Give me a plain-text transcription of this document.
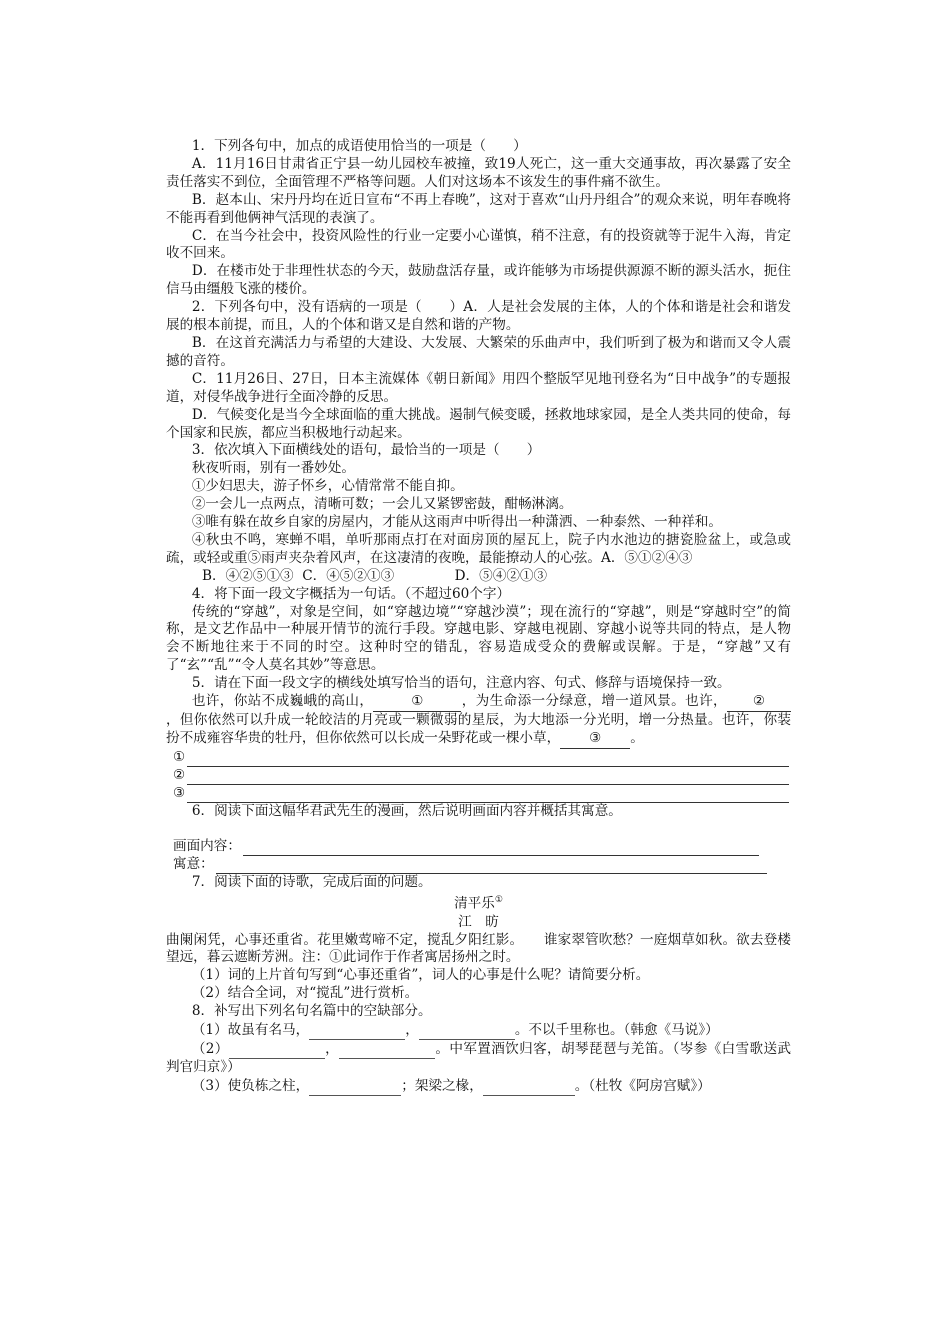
1．下列各句中，加点的成语使用恰当的一项是（　　）

A．11月16日甘肃省正宁县一幼儿园校车被撞，致19人死亡，这一重大交通事故，再次暴露了安全责任落实不到位，全面管理不严格等问题。人们对这场本不该发生的事件痛不欲生。

B．赵本山、宋丹丹均在近日宣布“不再上春晚”，这对于喜欢“山丹丹组合”的观众来说，明年春晚将不能再看到他俩神气活现的表演了。

C．在当今社会中，投资风险性的行业一定要小心谨慎，稍不注意，有的投资就等于泥牛入海，肯定收不回来。

D．在楼市处于非理性状态的今天，鼓励盘活存量，或许能够为市场提供源源不断的源头活水，扼住信马由缰般飞涨的楼价。

2．下列各句中，没有语病的一项是（　　）A．人是社会发展的主体，人的个体和谐是社会和谐发展的根本前提，而且，人的个体和谐又是自然和谐的产物。

B．在这首充满活力与希望的大建设、大发展、大繁荣的乐曲声中，我们听到了极为和谐而又令人震撼的音符。

C．11月26日、27日，日本主流媒体《朝日新闻》用四个整版罕见地刊登名为“日中战争”的专题报道，对侵华战争进行全面冷静的反思。

D．气候变化是当今全球面临的重大挑战。遏制气候变暖，拯救地球家园，是全人类共同的使命，每个国家和民族，都应当积极地行动起来。

3．依次填入下面横线处的语句，最恰当的一项是（　　）

秋夜听雨，别有一番妙处。

①少妇思夫，游子怀乡，心情常常不能自抑。

②一会儿一点两点，清晰可数；一会儿又紧锣密鼓，酣畅淋漓。

③唯有躲在故乡自家的房屋内，才能从这雨声中听得出一种潇洒、一种泰然、一种祥和。

④秋虫不鸣，寒蝉不唱，单听那雨点打在对面房顶的屋瓦上，院子内水池边的搪瓷脸盆上，或急或疏，或轻或重⑤雨声夹杂着风声，在这凄清的夜晚，最能撩动人的心弦。A．⑤①②④③

B．④②⑤①③  C．④⑤②①③              D．⑤④②①③

4．将下面一段文字概括为一句话。（不超过60个字）

传统的“穿越”，对象是空间，如“穿越边境”“穿越沙漠”；现在流行的“穿越”，则是“穿越时空”的简称，是文艺作品中一种展开情节的流行手段。穿越电影、穿越电视剧、穿越小说等共同的特点，是人物会不断地往来于不同的时空。这种时空的错乱，容易造成受众的费解或误解。于是，“穿越”又有了“玄”“乱”“令人莫名其妙”等意思。

5．请在下面一段文字的横线处填写恰当的语句，注意内容、句式、修辞与语境保持一致。

也许，你站不成巍峨的高山，	①	，为生命添一分绿意，增一道风景。也许， ②，但你依然可以升成一轮皎洁的月亮或一颗微弱的星辰，为大地添一分光明，增一分热量。也许，你装扮不成雍容华贵的牡丹，但你依然可以长成一朵野花或一棵小草， ③ 。

①
②
③

6．阅读下面这幅华君武先生的漫画，然后说明画面内容并概括其寓意。

画面内容：
寓意：

7．阅读下面的诗歌，完成后面的问题。

清平乐①

江　昉

曲阑闲凭，心事还重省。花里嫩莺啼不定，搅乱夕阳红影。　　谁家翠管吹愁？一庭烟草如秋。欲去登楼望远，暮云遮断芳洲。注：①此词作于作者寓居扬州之时。

（1）词的上片首句写到“心事还重省”，词人的心事是什么呢？请简要分析。

（2）结合全词，对“搅乱”进行赏析。

8．补写出下列名句名篇中的空缺部分。

（1）故虽有名马，	，	。不以千里称也。（韩愈《马说》）

（2）	，	。中军置酒饮归客，胡琴琵琶与羌笛。（岑参《白雪歌送武判官归京》）

（3）使负栋之柱，	；架梁之椽，	。（杜牧《阿房宫赋》）
